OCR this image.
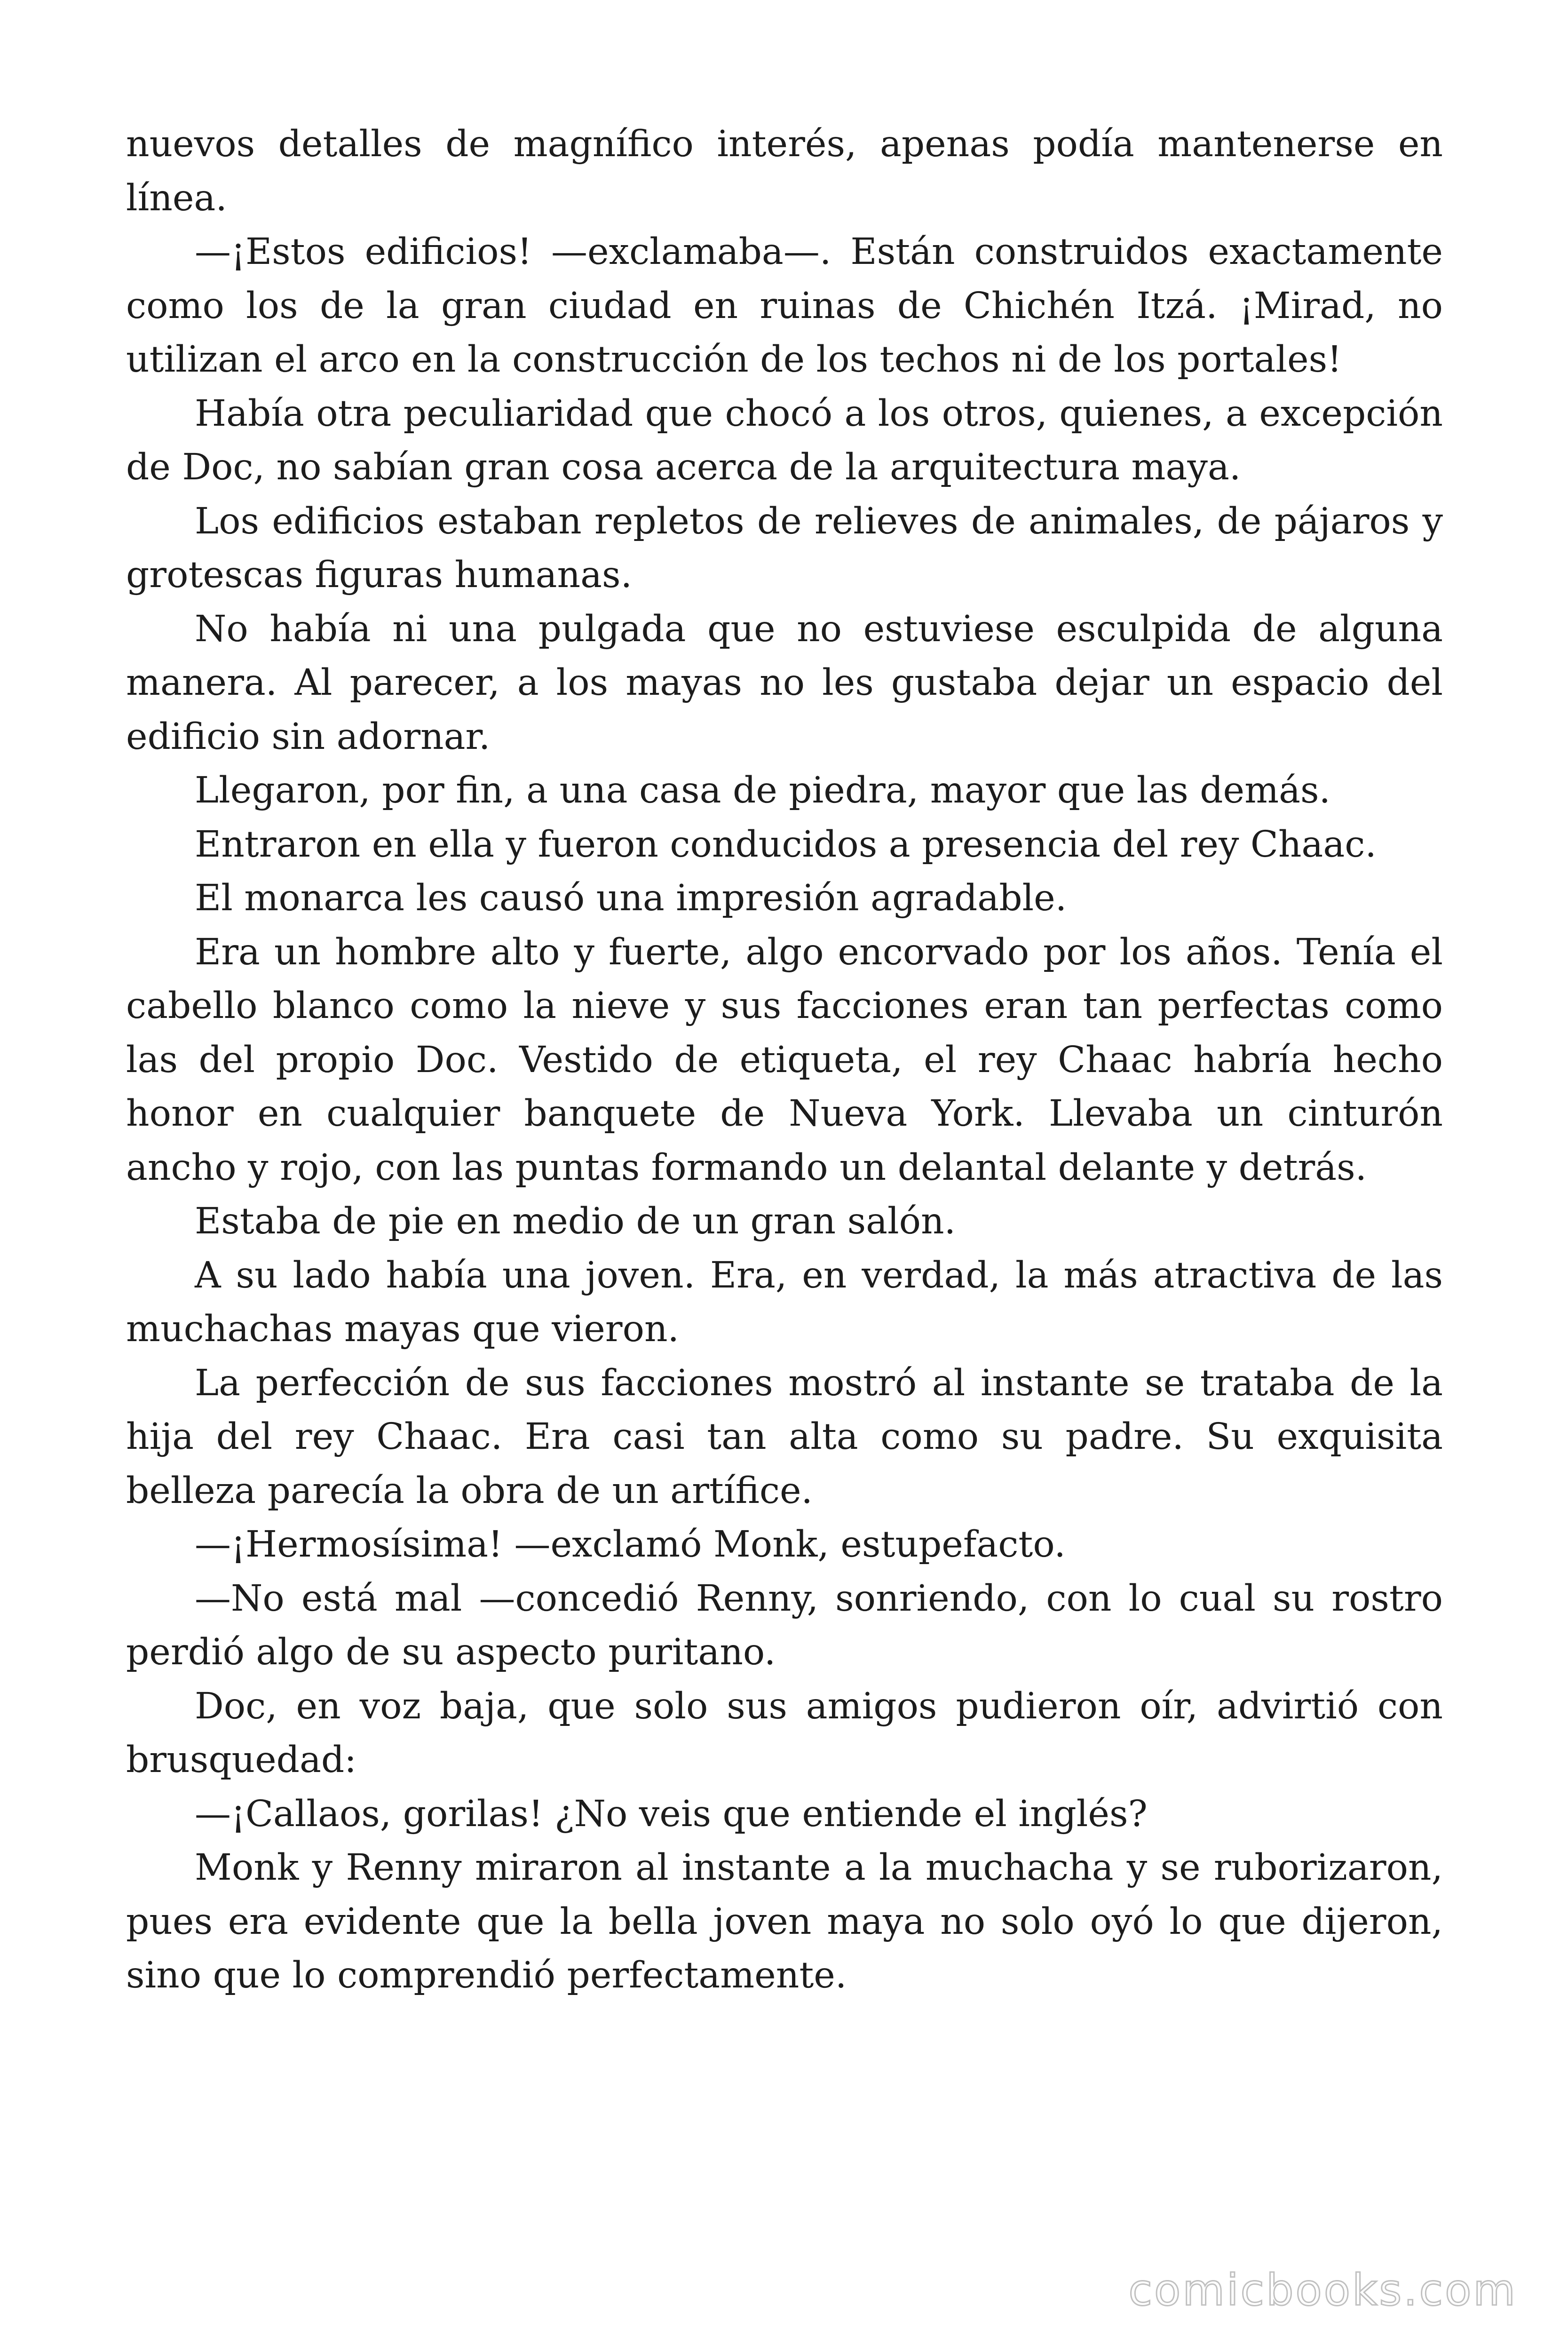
nuevos detalles de magnífico interés, apenas podía mantenerse en línea.

—¡Estos edificios! —exclamaba—. Están construidos exactamente como los de la gran ciudad en ruinas de Chichén Itzá. ¡Mirad, no utilizan el arco en la construcción de los techos ni de los portales!

Había otra peculiaridad que chocó a los otros, quienes, a excepción de Doc, no sabían gran cosa acerca de la arquitectura maya.

Los edificios estaban repletos de relieves de animales, de pájaros y grotescas figuras humanas.

No había ni una pulgada que no estuviese esculpida de alguna manera. Al parecer, a los mayas no les gustaba dejar un espacio del edificio sin adornar.

Llegaron, por fin, a una casa de piedra, mayor que las demás.

Entraron en ella y fueron conducidos a presencia del rey Chaac.

El monarca les causó una impresión agradable.

Era un hombre alto y fuerte, algo encorvado por los años. Tenía el cabello blanco como la nieve y sus facciones eran tan perfectas como las del propio Doc. Vestido de etiqueta, el rey Chaac habría hecho honor en cualquier banquete de Nueva York. Llevaba un cinturón ancho y rojo, con las puntas formando un delantal delante y detrás.

Estaba de pie en medio de un gran salón.

A su lado había una joven. Era, en verdad, la más atractiva de las muchachas mayas que vieron.

La perfección de sus facciones mostró al instante se trataba de la hija del rey Chaac. Era casi tan alta como su padre. Su exquisita belleza parecía la obra de un artífice.

—¡Hermosísima! —exclamó Monk, estupefacto.

—No está mal —concedió Renny, sonriendo, con lo cual su rostro perdió algo de su aspecto puritano.

Doc, en voz baja, que solo sus amigos pudieron oír, advirtió con brusquedad:

—¡Callaos, gorilas! ¿No veis que entiende el inglés?

Monk y Renny miraron al instante a la muchacha y se ruborizaron, pues era evidente que la bella joven maya no solo oyó lo que dijeron, sino que lo comprendió perfectamente.

comicbooks.com
